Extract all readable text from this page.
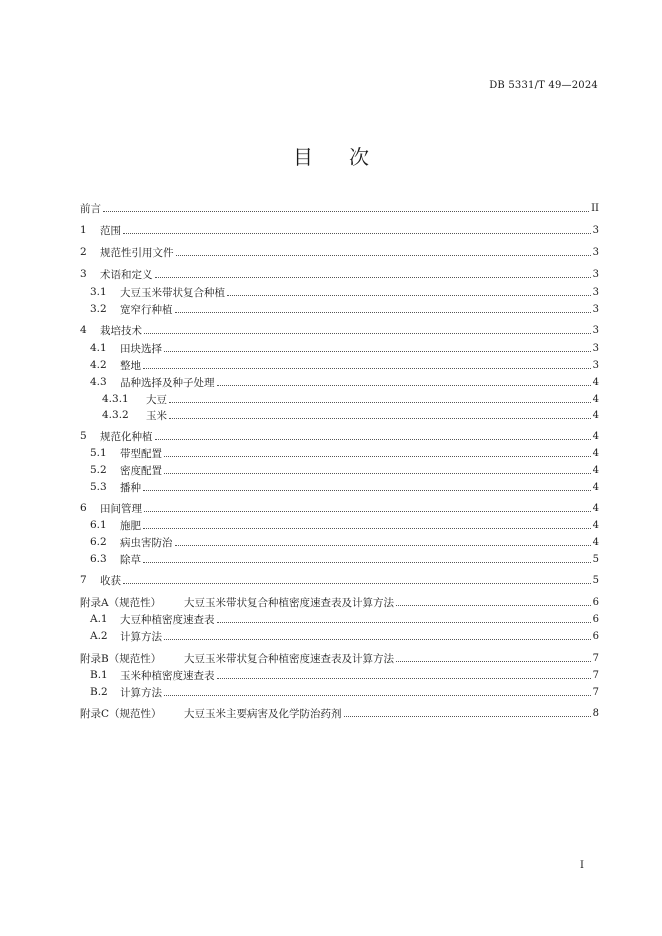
DB 5331/T 49—2024
目次
前言	II
1	范围	3
2	规范性引用文件	3
3	术语和定义	3
3.1	大豆玉米带状复合种植	3
3.2	宽窄行种植	3
4	栽培技术	3
4.1	田块选择	3
4.2	整地	3
4.3	品种选择及种子处理	4
4.3.1	大豆	4
4.3.2	玉米	4
5	规范化种植	4
5.1	带型配置	4
5.2	密度配置	4
5.3	播种	4
6	田间管理	4
6.1	施肥	4
6.2	病虫害防治	4
6.3	除草	5
7	收获	5
附录A（规范性）	大豆玉米带状复合种植密度速查表及计算方法	6
A.1	大豆种植密度速查表	6
A.2	计算方法	6
附录B（规范性）	大豆玉米带状复合种植密度速查表及计算方法	7
B.1	玉米种植密度速查表	7
B.2	计算方法	7
附录C（规范性）	大豆玉米主要病害及化学防治药剂	8
I
